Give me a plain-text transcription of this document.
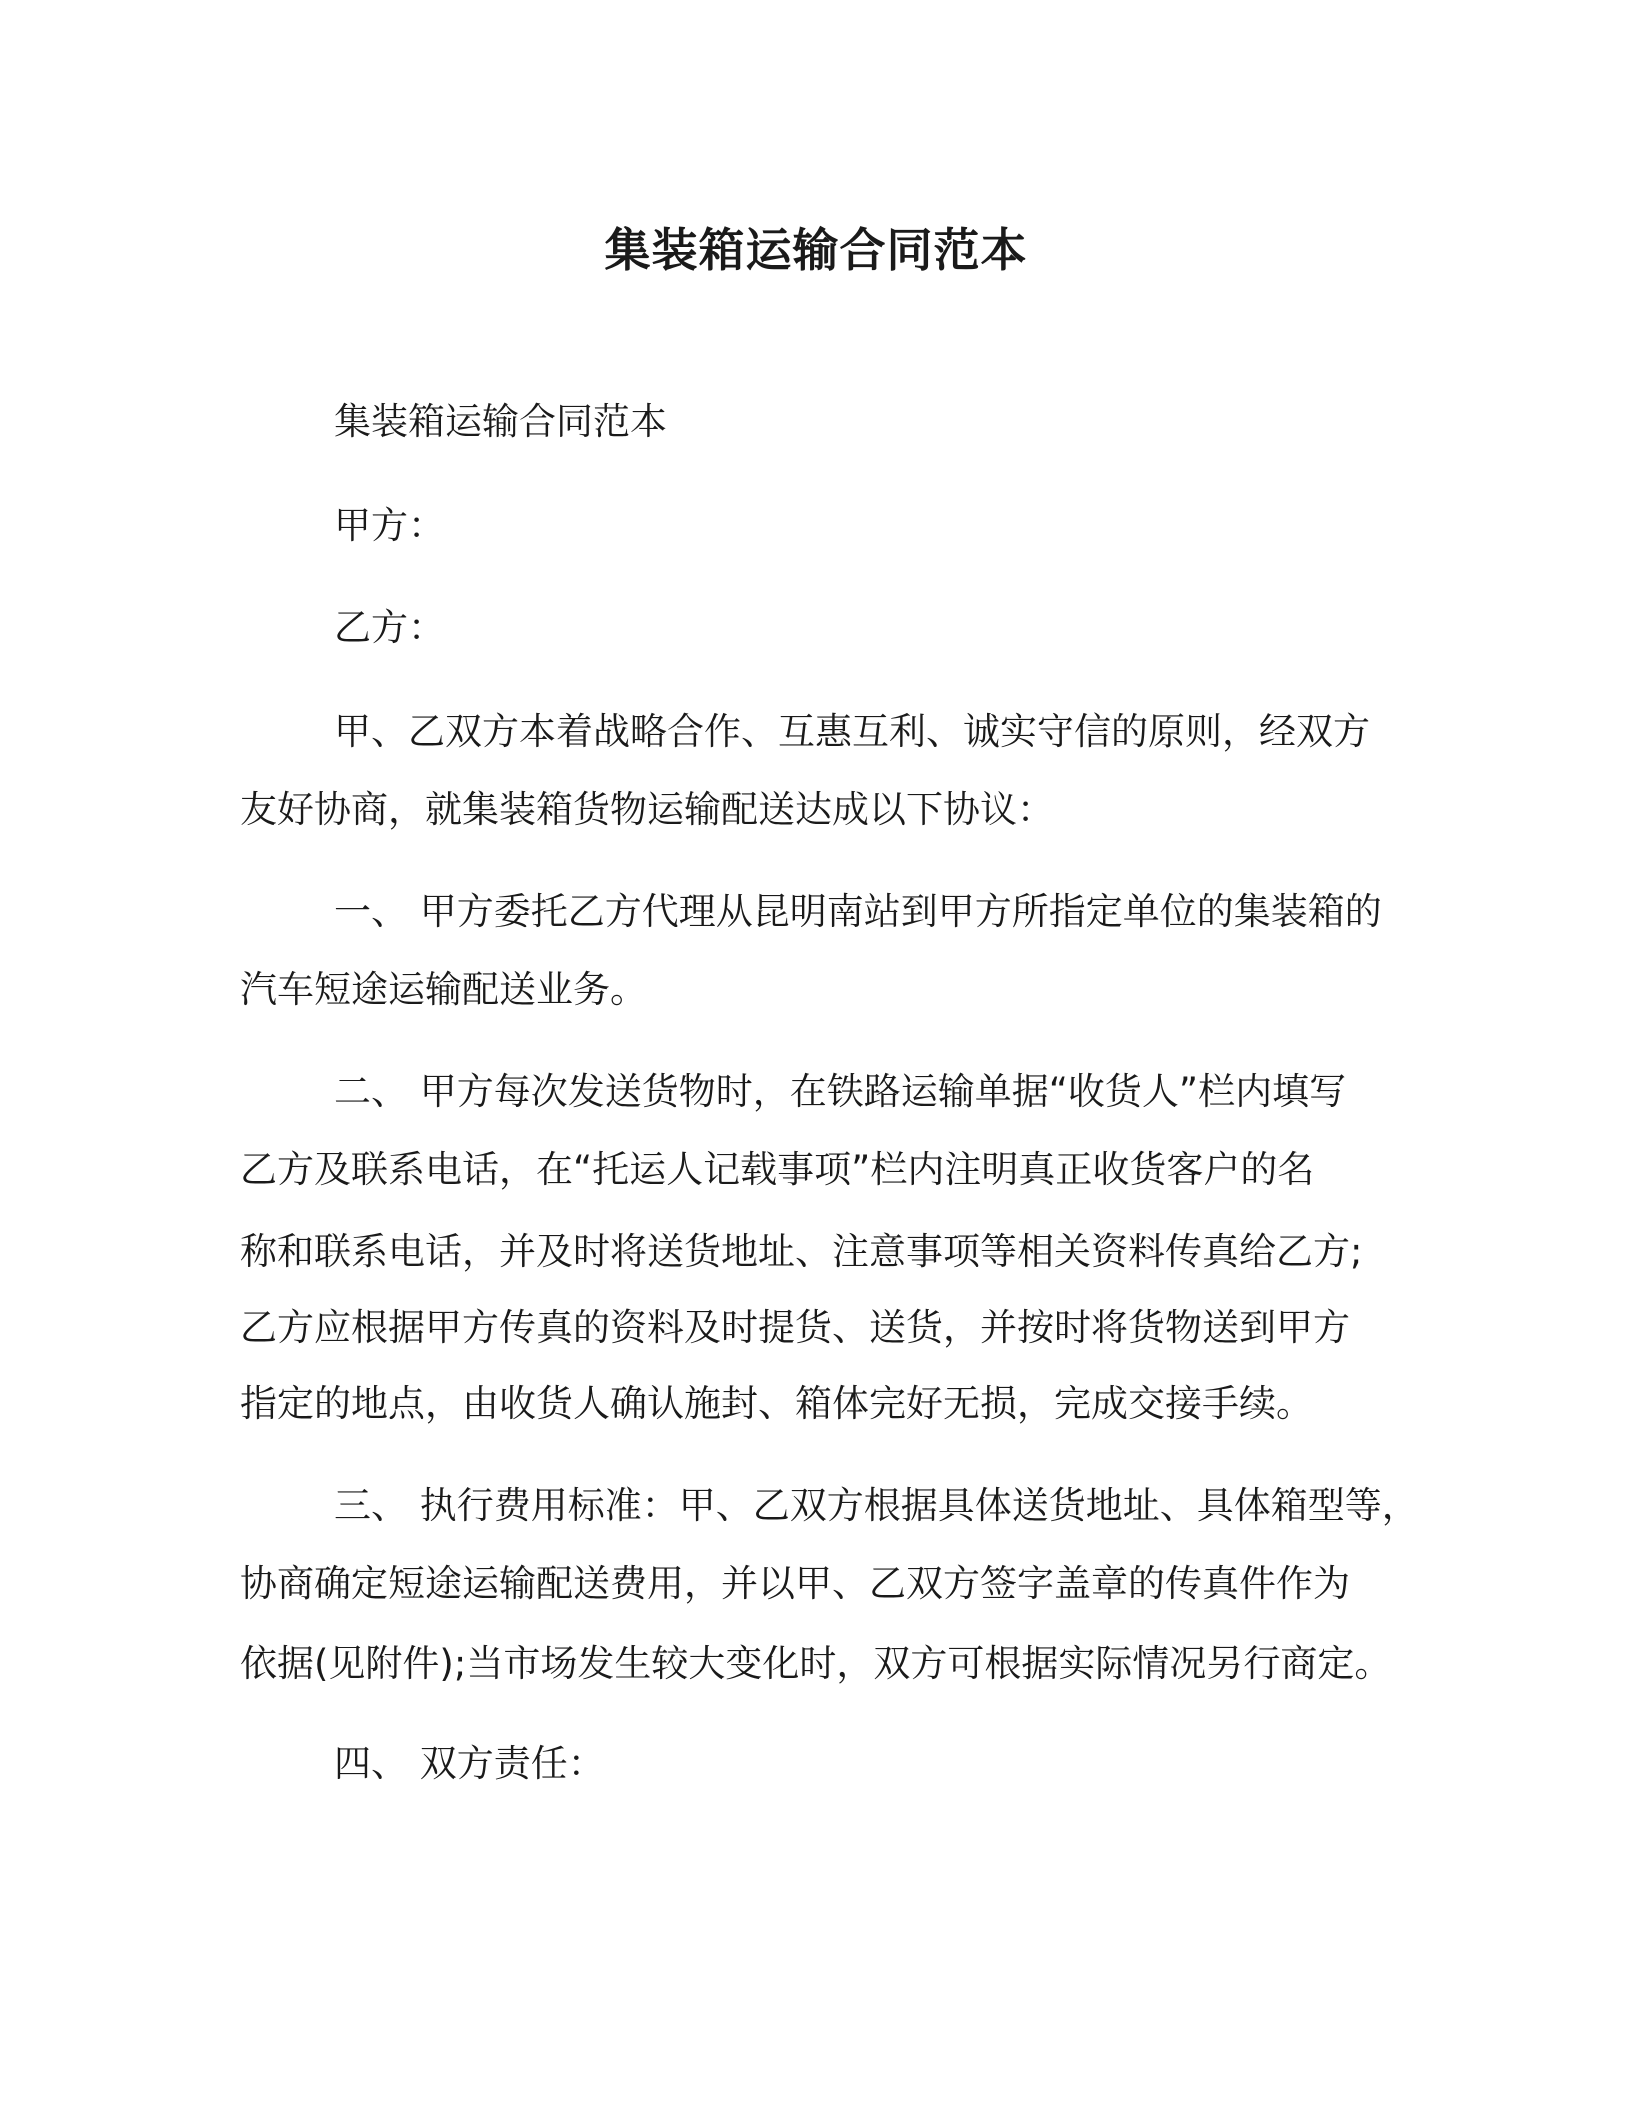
集装箱运输合同范本
集装箱运输合同范本
甲方：
乙方：
甲、乙双方本着战略合作、互惠互利、诚实守信的原则，经双方
友好协商，就集装箱货物运输配送达成以下协议：
一、 甲方委托乙方代理从昆明南站到甲方所指定单位的集装箱的
汽车短途运输配送业务。
二、 甲方每次发送货物时，在铁路运输单据“收货人”栏内填写
乙方及联系电话，在“托运人记载事项”栏内注明真正收货客户的名
称和联系电话，并及时将送货地址、注意事项等相关资料传真给乙方;
乙方应根据甲方传真的资料及时提货、送货，并按时将货物送到甲方
指定的地点，由收货人确认施封、箱体完好无损，完成交接手续。
三、 执行费用标准：甲、乙双方根据具体送货地址、具体箱型等，
协商确定短途运输配送费用，并以甲、乙双方签字盖章的传真件作为
依据(见附件);当市场发生较大变化时，双方可根据实际情况另行商定。
四、 双方责任：
